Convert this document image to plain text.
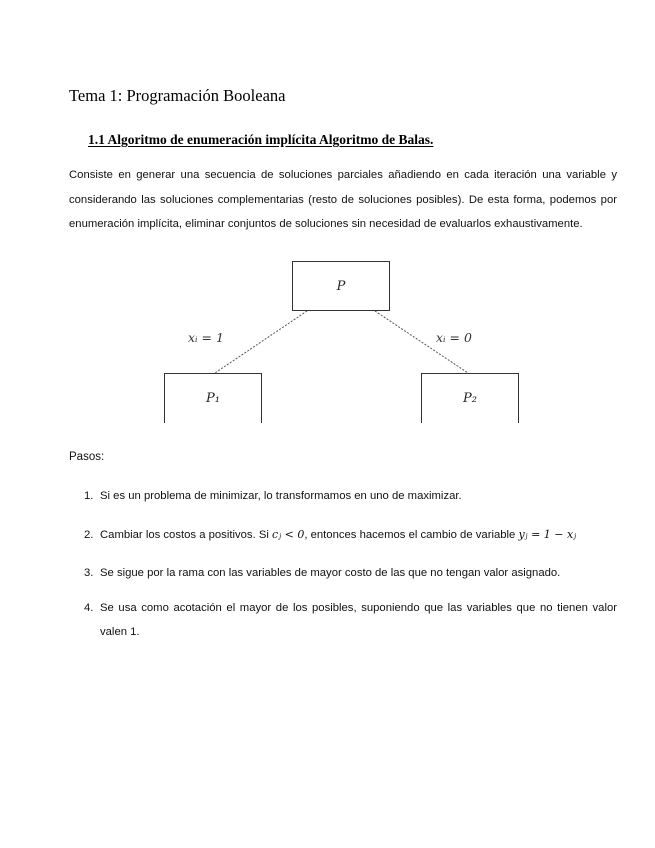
Tema 1: Programación Booleana
1.1 Algoritmo de enumeración implícita Algoritmo de Balas.

Consiste en generar una secuencia de soluciones parciales añadiendo en cada iteración una variable y considerando las soluciones complementarias (resto de soluciones posibles). De esta forma, podemos por enumeración implícita, eliminar conjuntos de soluciones sin necesidad de evaluarlos exhaustivamente.

P
P₁	P₂
xᵢ = 1	xᵢ = 0

Pasos:

1. Si es un problema de minimizar, lo transformamos en uno de maximizar.
2. Cambiar los costos a positivos. Si cⱼ < 0, entonces hacemos el cambio de variable yⱼ = 1 − xⱼ
3. Se sigue por la rama con las variables de mayor costo de las que no tengan valor asignado.
4. Se usa como acotación el mayor de los posibles, suponiendo que las variables que no tienen valor valen 1.
